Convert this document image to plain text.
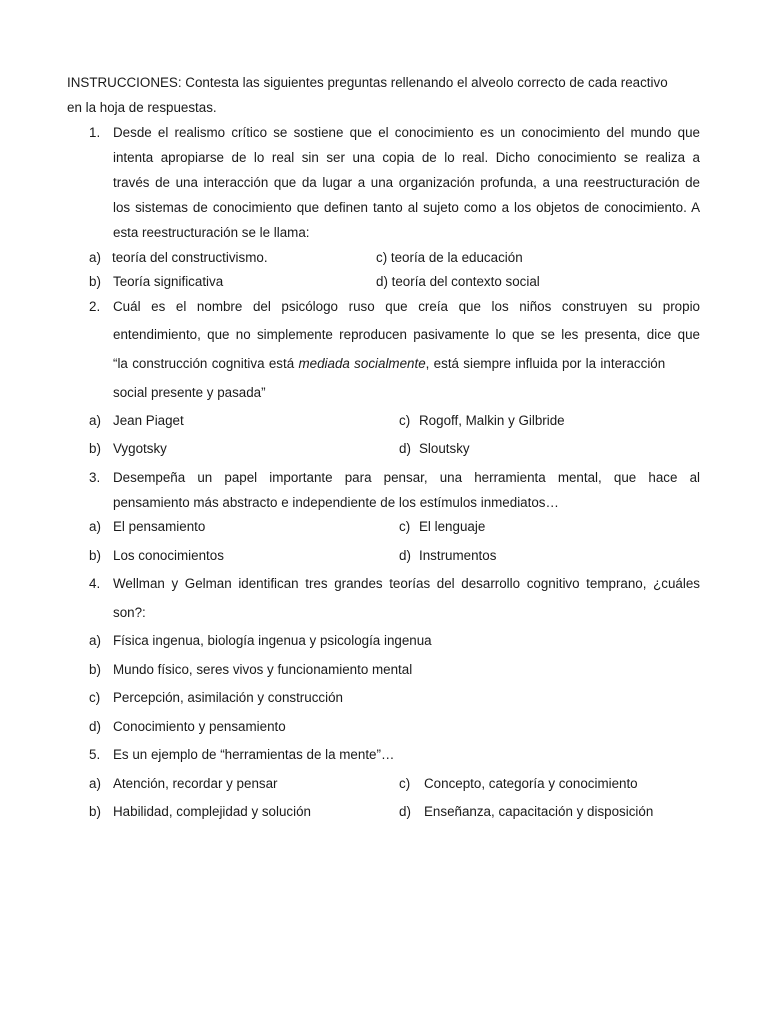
INSTRUCCIONES: Contesta las siguientes preguntas rellenando el alveolo correcto de cada reactivo
en la hoja de respuestas.
1. Desde el realismo crítico se sostiene que el conocimiento es un conocimiento del mundo que
intenta apropiarse de lo real sin ser una copia de lo real. Dicho conocimiento se realiza a
través de una interacción que da lugar a una organización profunda, a una reestructuración de
los sistemas de conocimiento que definen tanto al sujeto como a los objetos de conocimiento. A
esta reestructuración se le llama:
a) teoría del constructivismo.	c) teoría de la educación
b) Teoría significativa	d) teoría del contexto social
2. Cuál es el nombre del psicólogo ruso que creía que los niños construyen su propio
entendimiento, que no simplemente reproducen pasivamente lo que se les presenta, dice que
“la construcción cognitiva está mediada socialmente, está siempre influida por la interacción
social presente y pasada”
a) Jean Piaget	c) Rogoff, Malkin y Gilbride
b) Vygotsky	d) Sloutsky
3. Desempeña un papel importante para pensar, una herramienta mental, que hace al
pensamiento más abstracto e independiente de los estímulos inmediatos…
a) El pensamiento	c) El lenguaje
b) Los conocimientos	d) Instrumentos
4. Wellman y Gelman identifican tres grandes teorías del desarrollo cognitivo temprano, ¿cuáles
son?:
a) Física ingenua, biología ingenua y psicología ingenua
b) Mundo físico, seres vivos y funcionamiento mental
c) Percepción, asimilación y construcción
d) Conocimiento y pensamiento
5. Es un ejemplo de “herramientas de la mente”…
a) Atención, recordar y pensar	c) Concepto, categoría y conocimiento
b) Habilidad, complejidad y solución	d) Enseñanza, capacitación y disposición
